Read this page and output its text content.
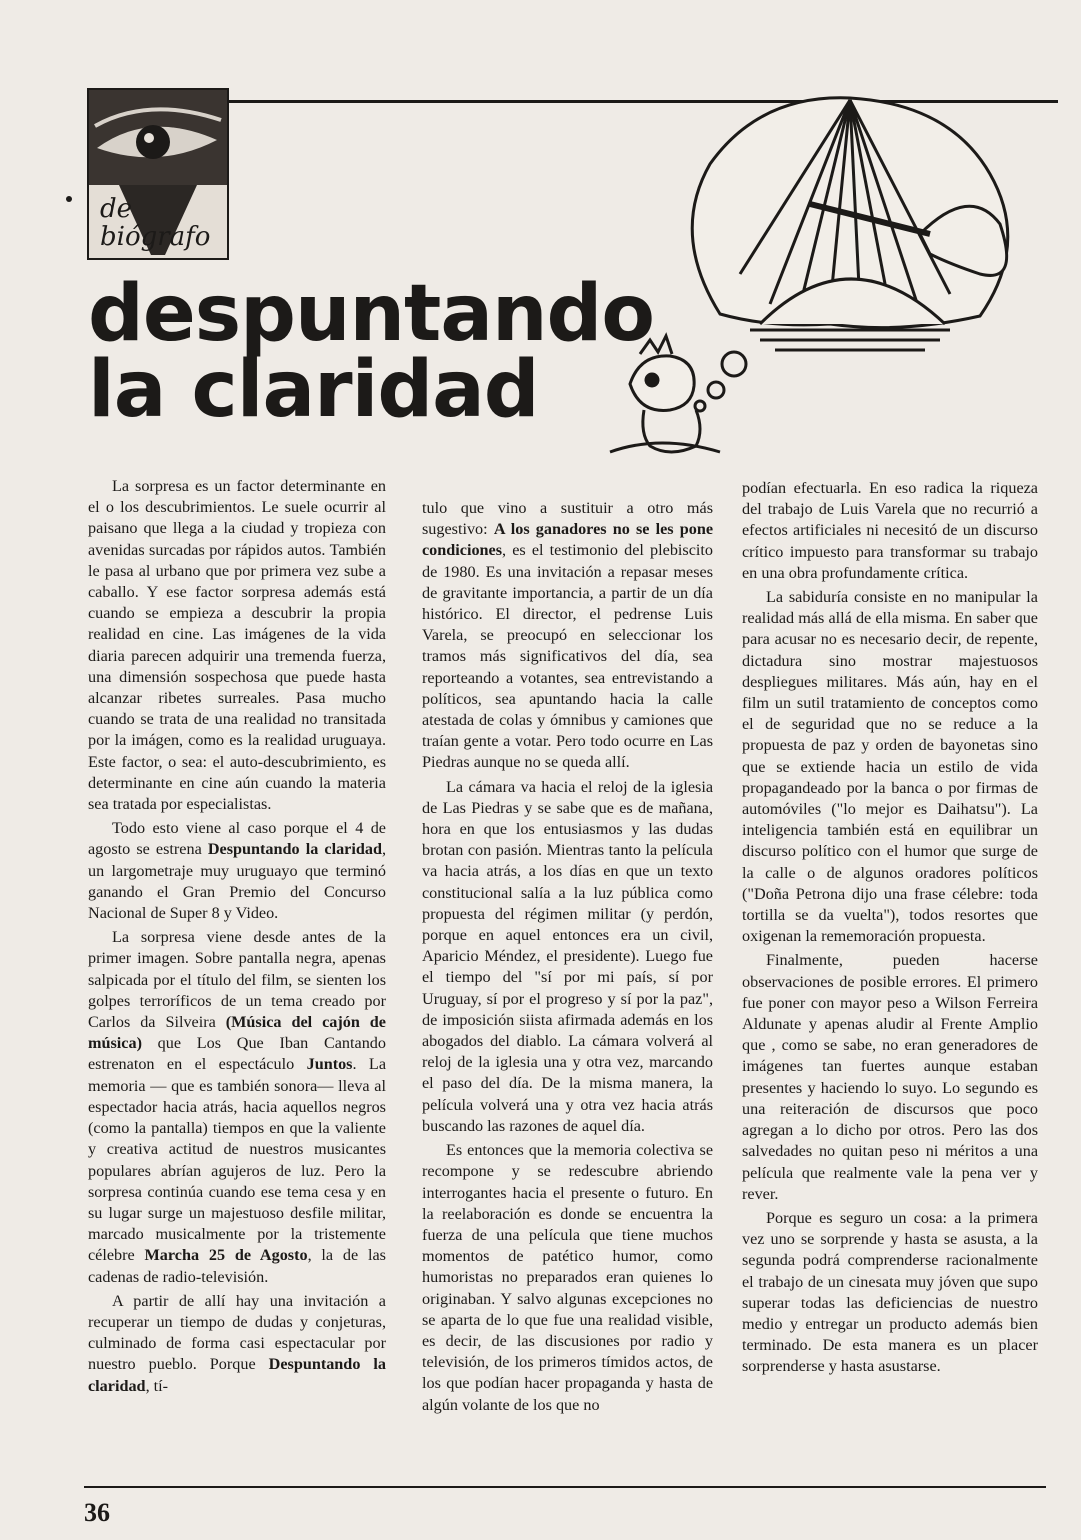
de
biógrafo
despuntando
la claridad

La sorpresa es un factor determinante en el o los descubrimientos. Le suele ocurrir al paisano que llega a la ciudad y tropieza con avenidas surcadas por rápidos autos. También le pasa al urbano que por primera vez sube a caballo. Y ese factor sorpresa además está cuando se empieza a descubrir la propia realidad en cine. Las imágenes de la vida diaria parecen adquirir una tremenda fuerza, una dimensión sospechosa que puede hasta alcanzar ribetes surreales. Pasa mucho cuando se trata de una realidad no transitada por la imágen, como es la realidad uruguaya. Este factor, o sea: el auto-descubrimiento, es determinante en cine aún cuando la materia sea tratada por especialistas.

Todo esto viene al caso porque el 4 de agosto se estrena Despuntando la claridad, un largometraje muy uruguayo que terminó ganando el Gran Premio del Concurso Nacional de Super 8 y Video.

La sorpresa viene desde antes de la primer imagen. Sobre pantalla negra, apenas salpicada por el título del film, se sienten los golpes terroríficos de un tema creado por Carlos da Silveira (Música del cajón de música) que Los Que Iban Cantando estrenaton en el espectáculo Juntos. La memoria — que es también sonora— lleva al espectador hacia atrás, hacia aquellos negros (como la pantalla) tiempos en que la valiente y creativa actitud de nuestros musicantes populares abrían agujeros de luz. Pero la sorpresa continúa cuando ese tema cesa y en su lugar surge un majestuoso desfile militar, marcado musicalmente por la tristemente célebre Marcha 25 de Agosto, la de las cadenas de radio-televisión.

A partir de allí hay una invitación a recuperar un tiempo de dudas y conjeturas, culminado de forma casi espectacular por nuestro pueblo. Porque Despuntando la claridad, tí-

tulo que vino a sustituir a otro más sugestivo: A los ganadores no se les pone condiciones, es el testimonio del plebiscito de 1980. Es una invitación a repasar meses de gravitante importancia, a partir de un día histórico. El director, el pedrense Luis Varela, se preocupó en seleccionar los tramos más significativos del día, sea reporteando a votantes, sea entrevistando a políticos, sea apuntando hacia la calle atestada de colas y ómnibus y camiones que traían gente a votar. Pero todo ocurre en Las Piedras aunque no se queda allí.

La cámara va hacia el reloj de la iglesia de Las Piedras y se sabe que es de mañana, hora en que los entusiasmos y las dudas brotan con pasión. Mientras tanto la película va hacia atrás, a los días en que un texto constitucional salía a la luz pública como propuesta del régimen militar (y perdón, porque en aquel entonces era un civil, Aparicio Méndez, el presidente). Luego fue el tiempo del "sí por mi país, sí por Uruguay, sí por el progreso y sí por la paz", de imposición siista afirmada además en los abogados del diablo. La cámara volverá al reloj de la iglesia una y otra vez, marcando el paso del día. De la misma manera, la película volverá una y otra vez hacia atrás buscando las razones de aquel día.

Es entonces que la memoria colectiva se recompone y se redescubre abriendo interrogantes hacia el presente o futuro. En la reelaboración es donde se encuentra la fuerza de una película que tiene muchos momentos de patético humor, como humoristas no preparados eran quienes lo originaban. Y salvo algunas excepciones no se aparta de lo que fue una realidad visible, es decir, de las discusiones por radio y televisión, de los primeros tímidos actos, de los que podían hacer propaganda y hasta de algún volante de los que no

podían efectuarla. En eso radica la riqueza del trabajo de Luis Varela que no recurrió a efectos artificiales ni necesitó de un discurso crítico impuesto para transformar su trabajo en una obra profundamente crítica.

La sabiduría consiste en no manipular la realidad más allá de ella misma. En saber que para acusar no es necesario decir, de repente, dictadura sino mostrar majestuosos despliegues militares. Más aún, hay en el film un sutil tratamiento de conceptos como el de seguridad que no se reduce a la propuesta de paz y orden de bayonetas sino que se extiende hacia un estilo de vida propagandeado por la banca o por firmas de automóviles ("lo mejor es Daihatsu"). La inteligencia también está en equilibrar un discurso político con el humor que surge de la calle o de algunos oradores políticos ("Doña Petrona dijo una frase célebre: toda tortilla se da vuelta"), todos resortes que oxigenan la rememoración propuesta.

Finalmente, pueden hacerse observaciones de posible errores. El primero fue poner con mayor peso a Wilson Ferreira Aldunate y apenas aludir al Frente Amplio que , como se sabe, no eran generadores de imágenes tan fuertes aunque estaban presentes y haciendo lo suyo. Lo segundo es una reiteración de discursos que poco agregan a lo dicho por otros. Pero las dos salvedades no quitan peso ni méritos a una película que realmente vale la pena ver y rever.

Porque es seguro un cosa: a la primera vez uno se sorprende y hasta se asusta, a la segunda podrá comprenderse racionalmente el trabajo de un cinesata muy jóven que supo superar todas las deficiencias de nuestro medio y entregar un producto además bien terminado. De esta manera es un placer sorprenderse y hasta asustarse.

36
